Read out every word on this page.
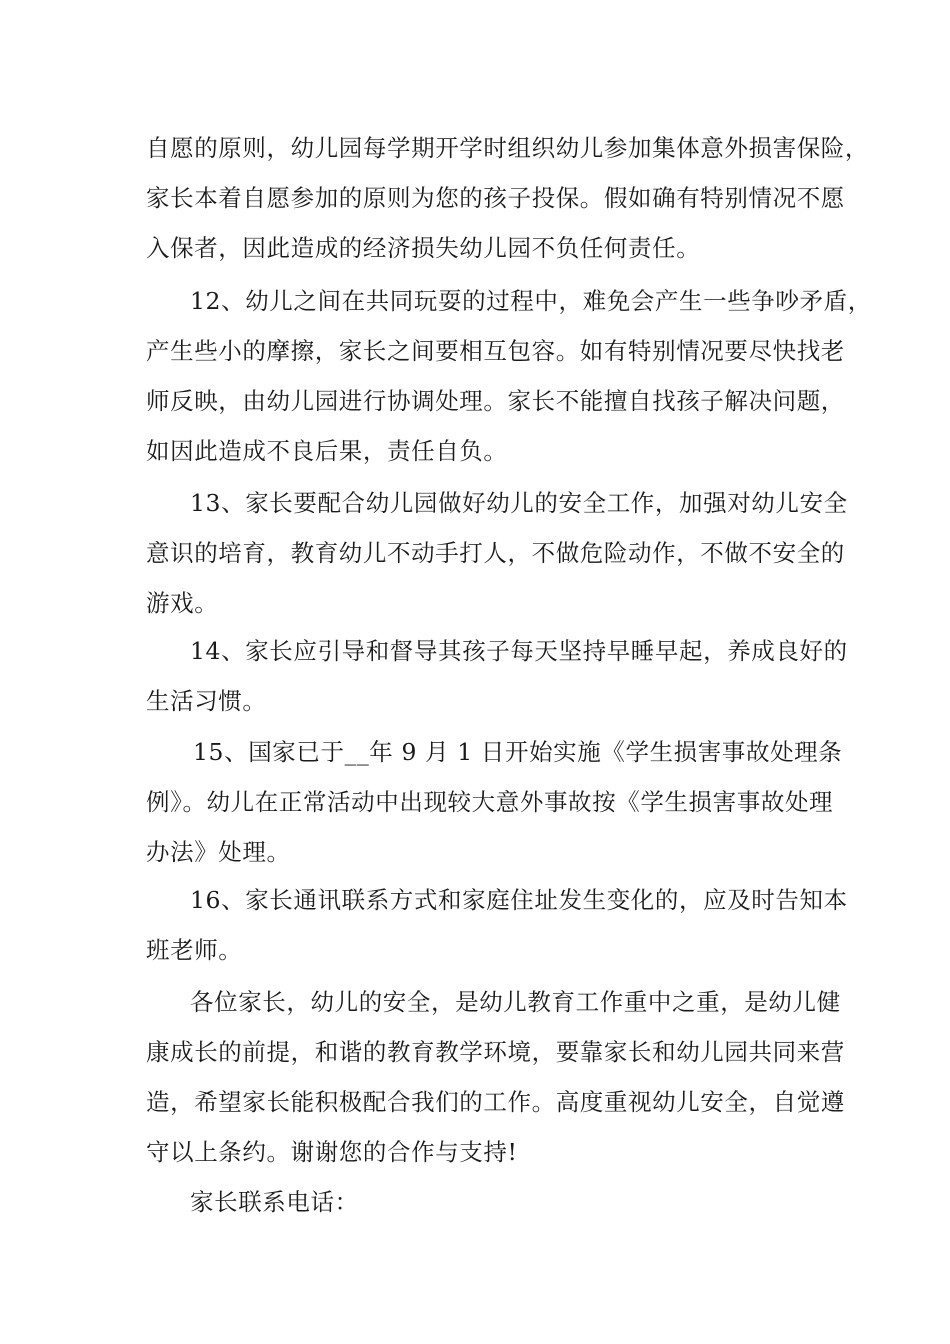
自愿的原则，幼儿园每学期开学时组织幼儿参加集体意外损害保险，
家长本着自愿参加的原则为您的孩子投保。假如确有特别情况不愿
入保者，因此造成的经济损失幼儿园不负任何责任。
12、幼儿之间在共同玩耍的过程中，难免会产生一些争吵矛盾，
产生些小的摩擦，家长之间要相互包容。如有特别情况要尽快找老
师反映，由幼儿园进行协调处理。家长不能擅自找孩子解决问题，
如因此造成不良后果，责任自负。
13、家长要配合幼儿园做好幼儿的安全工作，加强对幼儿安全
意识的培育，教育幼儿不动手打人，不做危险动作，不做不安全的
游戏。
14、家长应引导和督导其孩子每天坚持早睡早起，养成良好的
生活习惯。
15、国家已于__年 9 月 1 日开始实施《学生损害事故处理条
例》。幼儿在正常活动中出现较大意外事故按《学生损害事故处理
办法》处理。
16、家长通讯联系方式和家庭住址发生变化的，应及时告知本
班老师。
各位家长，幼儿的安全，是幼儿教育工作重中之重，是幼儿健
康成长的前提，和谐的教育教学环境，要靠家长和幼儿园共同来营
造，希望家长能积极配合我们的工作。高度重视幼儿安全，自觉遵
守以上条约。谢谢您的合作与支持!
家长联系电话：
